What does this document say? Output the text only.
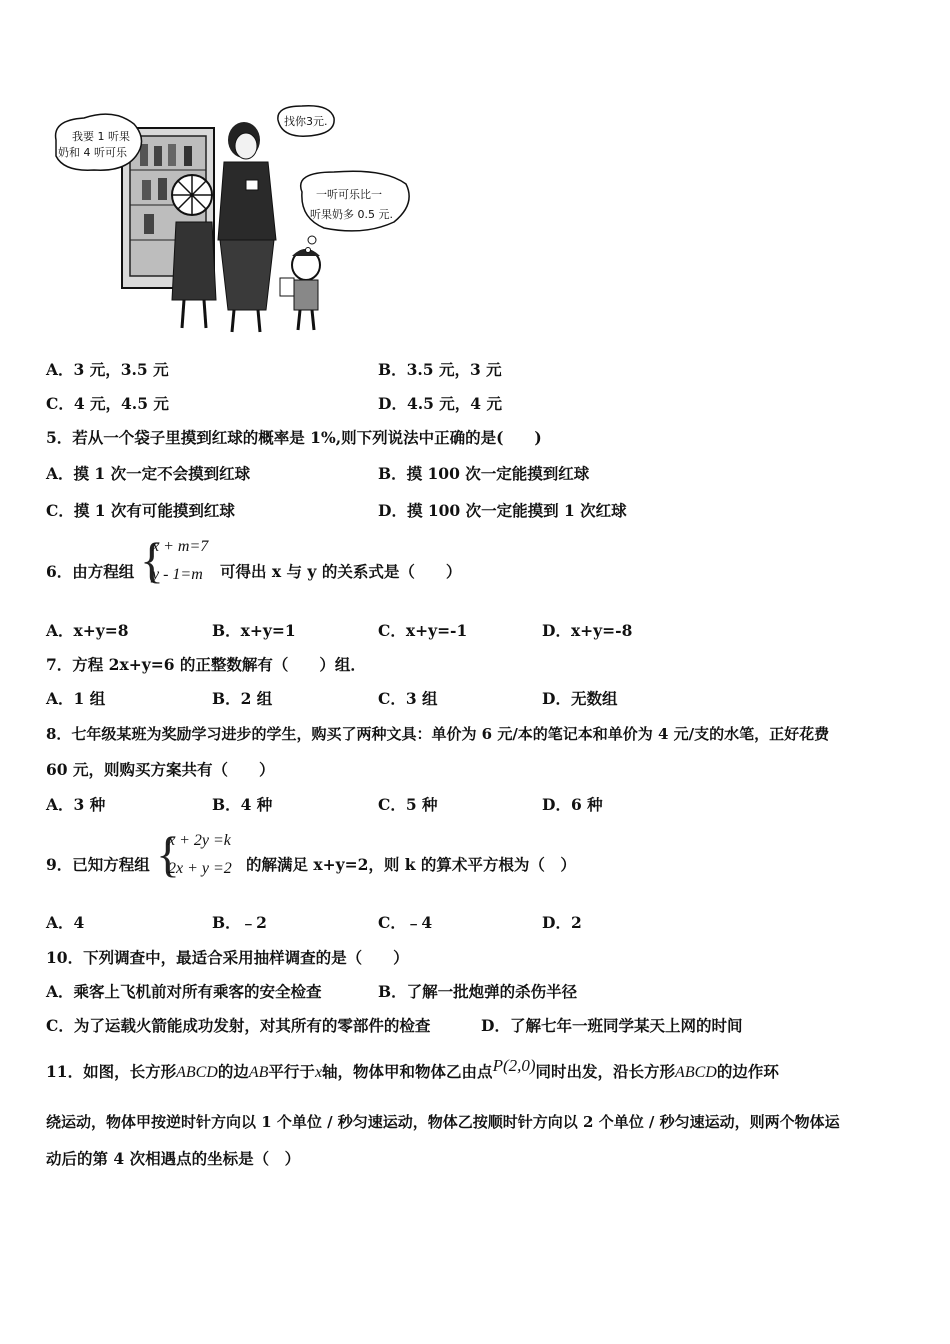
我要 1 听果
奶和 4 听可乐
找你3元.
一听可乐比一
听果奶多 0.5 元.
A．3 元，3.5 元	B．3.5 元，3 元
C．4 元，4.5 元	D．4.5 元，4 元
5．若从一个袋子里摸到红球的概率是 1%,则下列说法中正确的是(　　)
A．摸 1 次一定不会摸到红球	B．摸 100 次一定能摸到红球
C．摸 1 次有可能摸到红球	D．摸 100 次一定能摸到 1 次红球
6．由方程组 {
x + m=7
y - 1=m 可得出 x 与 y 的关系式是（　　）
A．x+y=8	B．x+y=1	C．x+y=-1	D．x+y=-8
7．方程 2x+y=6 的正整数解有（　　）组．
A．1 组	B．2 组	C．3 组	D．无数组
8．七年级某班为奖励学习进步的学生，购买了两种文具：单价为 6 元/本的笔记本和单价为 4 元/支的水笔，正好花费
60 元，则购买方案共有（　　）
A．3 种	B．4 种	C．5 种	D．6 种
9．已知方程组 {
x + 2y =k
2x + y =2 的解满足 x+y=2，则 k 的算术平方根为（　）
A．4	B．﹣2	C．﹣4	D．2
10．下列调查中，最适合采用抽样调查的是（　　）
A．乘客上飞机前对所有乘客的安全检查	B．了解一批炮弹的杀伤半径
C．为了运载火箭能成功发射，对其所有的零部件的检查	D．了解七年一班同学某天上网的时间
11．如图，长方形ABCD的边AB平行于x轴，物体甲和物体乙由点P(2,0)同时出发，沿长方形ABCD的边作环
绕运动，物体甲按逆时针方向以 1 个单位 / 秒匀速运动，物体乙按顺时针方向以 2 个单位 / 秒匀速运动，则两个物体运
动后的第 4 次相遇点的坐标是（　）
